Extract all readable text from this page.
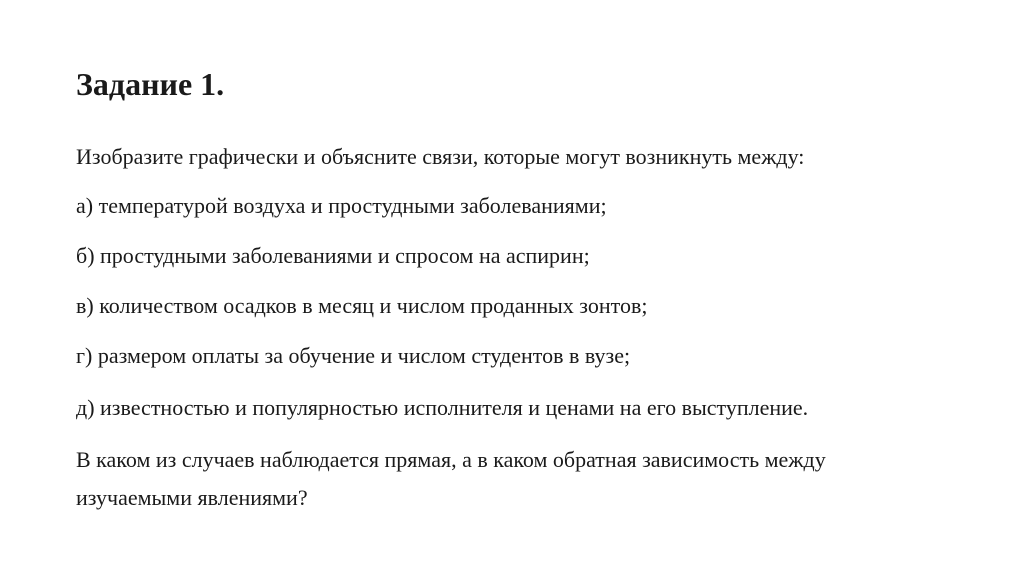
Задание 1.

Изобразите графически и объясните связи, которые могут возникнуть между:

а) температурой воздуха и простудными заболеваниями;

б) простудными заболеваниями и спросом на аспирин;

в) количеством осадков в месяц и числом проданных зонтов;

г) размером оплаты за обучение и числом студентов в вузе;

д) известностью и популярностью исполнителя и ценами на его выступление.

В каком из случаев наблюдается прямая, а в каком обратная зависимость между

изучаемыми явлениями?
